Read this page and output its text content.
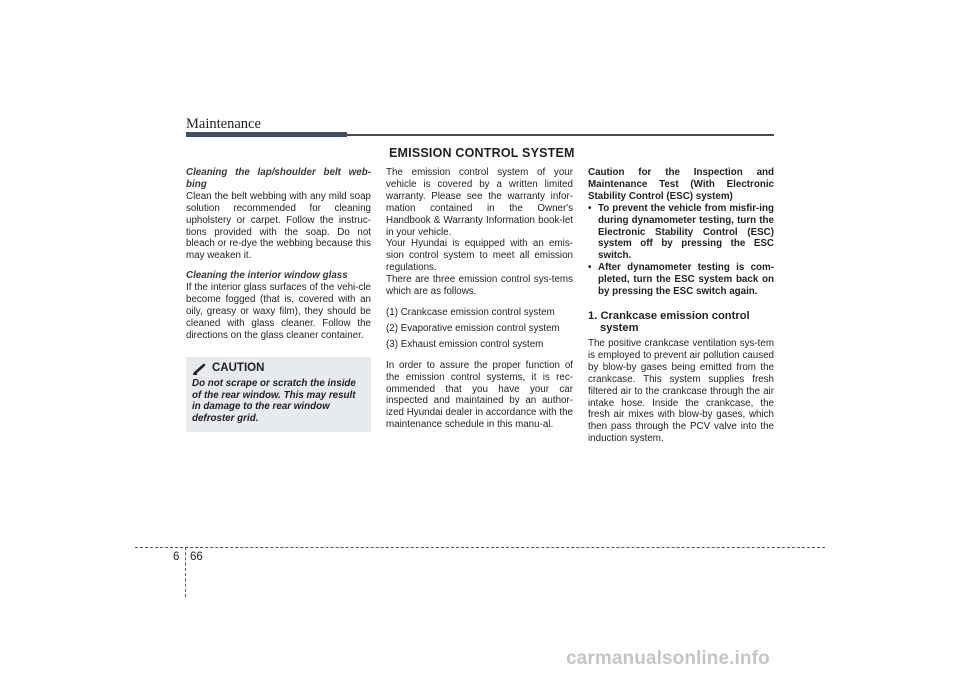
Maintenance
EMISSION CONTROL SYSTEM

Cleaning the lap/shoulder belt web-bing

Clean the belt webbing with any mild soap solution recommended for cleaning upholstery or carpet. Follow the instruc-tions provided with the soap. Do not bleach or re-dye the webbing because this may weaken it.

Cleaning the interior window glass

If the interior glass surfaces of the vehi-cle become fogged (that is, covered with an oily, greasy or waxy film), they should be cleaned with glass cleaner. Follow the directions on the glass cleaner container.

CAUTION
Do not scrape or scratch the inside of the rear window. This may result in damage to the rear window defroster grid.

The emission control system of your vehicle is covered by a written limited warranty. Please see the warranty infor-mation contained in the Owner's Handbook & Warranty Information book-let in your vehicle.

Your Hyundai is equipped with an emis-sion control system to meet all emission regulations.

There are three emission control sys-tems which are as follows.

(1) Crankcase emission control system

(2) Evaporative emission control system

(3) Exhaust emission control system

In order to assure the proper function of the emission control systems, it is rec-ommended that you have your car inspected and maintained by an author-ized Hyundai dealer in accordance with the maintenance schedule in this manu-al.

Caution for the Inspection and Maintenance Test (With Electronic Stability Control (ESC) system)

• To prevent the vehicle from misfir-ing during dynamometer testing, turn the Electronic Stability Control (ESC) system off by pressing the ESC switch.

• After dynamometer testing is com-pleted, turn the ESC system back on by pressing the ESC switch again.

1. Crankcase emission control
system

The positive crankcase ventilation sys-tem is employed to prevent air pollution caused by blow-by gases being emitted from the crankcase. This system supplies fresh filtered air to the crankcase through the air intake hose. Inside the crankcase, the fresh air mixes with blow-by gases, which then pass through the PCV valve into the induction system.

6 66
carmanualsonline.info
